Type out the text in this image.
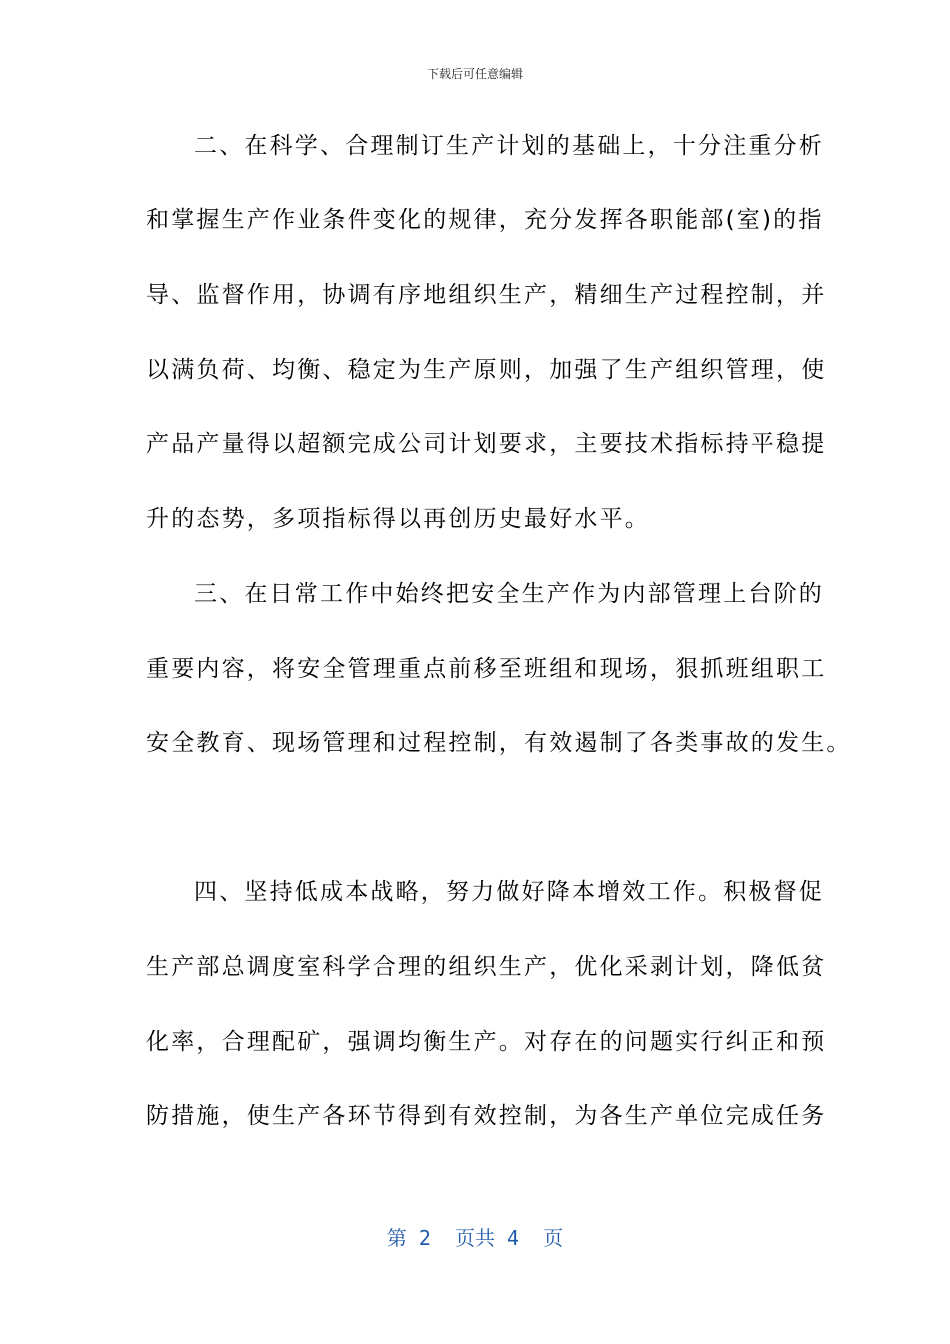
下载后可任意编辑
二、在科学、合理制订生产计划的基础上，十分注重分析
和掌握生产作业条件变化的规律，充分发挥各职能部(室)的指
导、监督作用，协调有序地组织生产，精细生产过程控制，并
以满负荷、均衡、稳定为生产原则，加强了生产组织管理，使
产品产量得以超额完成公司计划要求，主要技术指标持平稳提
升的态势，多项指标得以再创历史最好水平。
三、在日常工作中始终把安全生产作为内部管理上台阶的
重要内容，将安全管理重点前移至班组和现场，狠抓班组职工
安全教育、现场管理和过程控制，有效遏制了各类事故的发生。
四、坚持低成本战略，努力做好降本增效工作。积极督促
生产部总调度室科学合理的组织生产，优化采剥计划，降低贫
化率，合理配矿，强调均衡生产。对存在的问题实行纠正和预
防措施，使生产各环节得到有效控制，为各生产单位完成任务
第 2  页共 4  页
